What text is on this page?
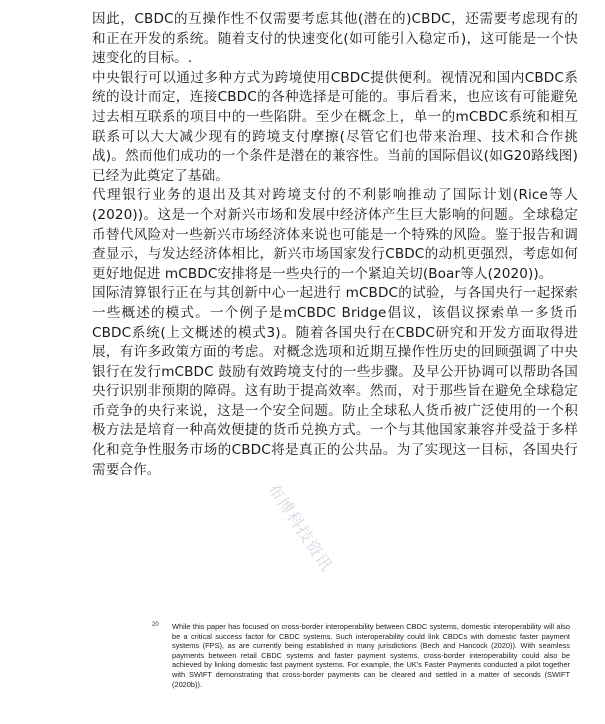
因此，CBDC的互操作性不仅需要考虑其他(潜在的)CBDC，还需要考虑现有的和正在开发的系统。随着支付的快速变化(如可能引入稳定币)，这可能是一个快速变化的目标。.

中央银行可以通过多种方式为跨境使用CBDC提供便利。视情况和国内CBDC系统的设计而定，连接CBDC的各种选择是可能的。事后看来，也应该有可能避免过去相互联系的项目中的一些陷阱。至少在概念上，单一的mCBDC系统和相互联系可以大大减少现有的跨境支付摩擦(尽管它们也带来治理、技术和合作挑战)。然而他们成功的一个条件是潜在的兼容性。当前的国际倡议(如G20路线图)已经为此奠定了基础。

代理银行业务的退出及其对跨境支付的不利影响推动了国际计划(Rice等人(2020))。这是一个对新兴市场和发展中经济体产生巨大影响的问题。全球稳定币替代风险对一些新兴市场经济体来说也可能是一个特殊的风险。鉴于报告和调查显示，与发达经济体相比，新兴市场国家发行CBDC的动机更强烈，考虑如何更好地促进 mCBDC安排将是一些央行的一个紧迫关切(Boar等人(2020))。

国际清算银行正在与其创新中心一起进行 mCBDC的试验，与各国央行一起探索一些概述的模式。一个例子是mCBDC Bridge倡议，该倡议探索单一多货币CBDC系统(上文概述的模式3)。随着各国央行在CBDC研究和开发方面取得进展，有许多政策方面的考虑。对概念选项和近期互操作性历史的回顾强调了中央银行在发行mCBDC 鼓励有效跨境支付的一些步骤。及早公开协调可以帮助各国央行识别非预期的障碍。这有助于提高效率。然而，对于那些旨在避免全球稳定币竞争的央行来说，这是一个安全问题。防止全球私人货币被广泛使用的一个积极方法是培育一种高效便捷的货币兑换方式。一个与其他国家兼容并受益于多样化和竞争性服务市场的CBDC将是真正的公共品。为了实现这一目标，各国央行需要合作。

布博科技资讯
20 While this paper has focused on cross-border interoperability between CBDC systems, domestic interoperability will also be a critical success factor for CBDC systems. Such interoperability could link CBDCs with domestic faster payment systems (FPS), as are currently being established in many jurisdictions (Bech and Hancock (2020)). With seamless payments between retail CBDC systems and faster payment systems, cross-border interoperability could also be achieved by linking domestic fast payment systems. For example, the UK's Faster Payments conducted a pilot together with SWIFT demonstrating that cross-border payments can be cleared and settled in a matter of seconds (SWIFT (2020b)).
